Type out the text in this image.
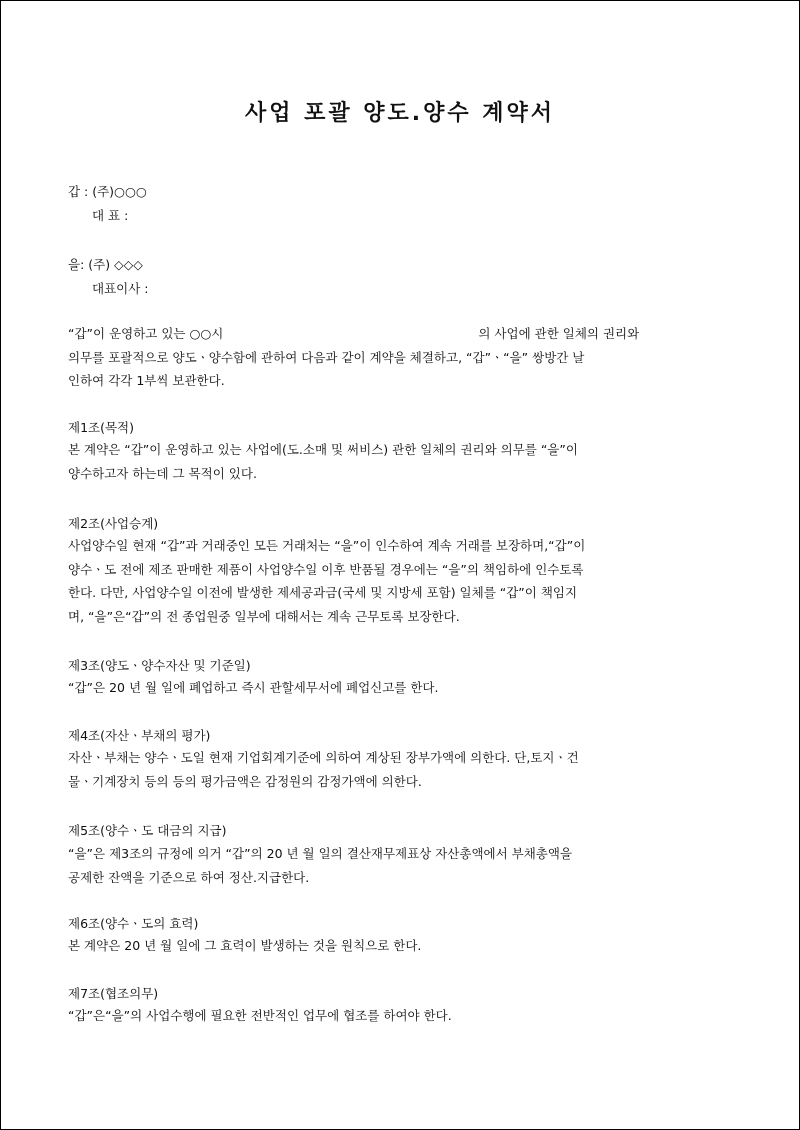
사업 포괄 양도.양수 계약서

갑 : (주)○○○

대 표 :

을: (주) ◇◇◇

대표이사 :

“갑”이 운영하고 있는 ○○시	의 사업에 관한 일체의 권리와
의무를 포괄적으로 양도ㆍ양수함에 관하여 다음과 같이 계약을 체결하고, “갑”ㆍ“을” 쌍방간 날
인하여 각각 1부씩 보관한다.

제1조(목적)

본 계약은 “갑”이 운영하고 있는 사업에(도.소매 및 써비스) 관한 일체의 권리와 의무를 “을”이
양수하고자 하는데 그 목적이 있다.

제2조(사업승계)

사업양수일 현재 “갑”과 거래중인 모든 거래처는 “을”이 인수하여 계속 거래를 보장하며,“갑”이
양수ㆍ도 전에 제조 판매한 제품이 사업양수일 이후 반품될 경우에는 “을”의 책임하에 인수토록
한다. 다만, 사업양수일 이전에 발생한 제세공과금(국세 및 지방세 포함) 일체를 “갑”이 책임지
며, “을”은“갑”의 전 종업원중 일부에 대해서는 계속 근무토록 보장한다.

제3조(양도ㆍ양수자산 및 기준일)

“갑”은 20 년 월 일에 폐업하고 즉시 관할세무서에 폐업신고를 한다.

제4조(자산ㆍ부채의 평가)

자산ㆍ부채는 양수ㆍ도일 현재 기업회계기준에 의하여 계상된 장부가액에 의한다. 단,토지ㆍ건
물ㆍ기계장치 등의 등의 평가금액은 감정원의 감정가액에 의한다.

제5조(양수ㆍ도 대금의 지급)

“을”은 제3조의 규정에 의거 “갑”의 20 년 월 일의 결산재무제표상 자산총액에서 부채총액을
공제한 잔액을 기준으로 하여 정산.지급한다.

제6조(양수ㆍ도의 효력)

본 계약은 20 년 월 일에 그 효력이 발생하는 것을 원칙으로 한다.

제7조(협조의무)

“갑”은“을”의 사업수행에 필요한 전반적인 업무에 협조를 하여야 한다.
